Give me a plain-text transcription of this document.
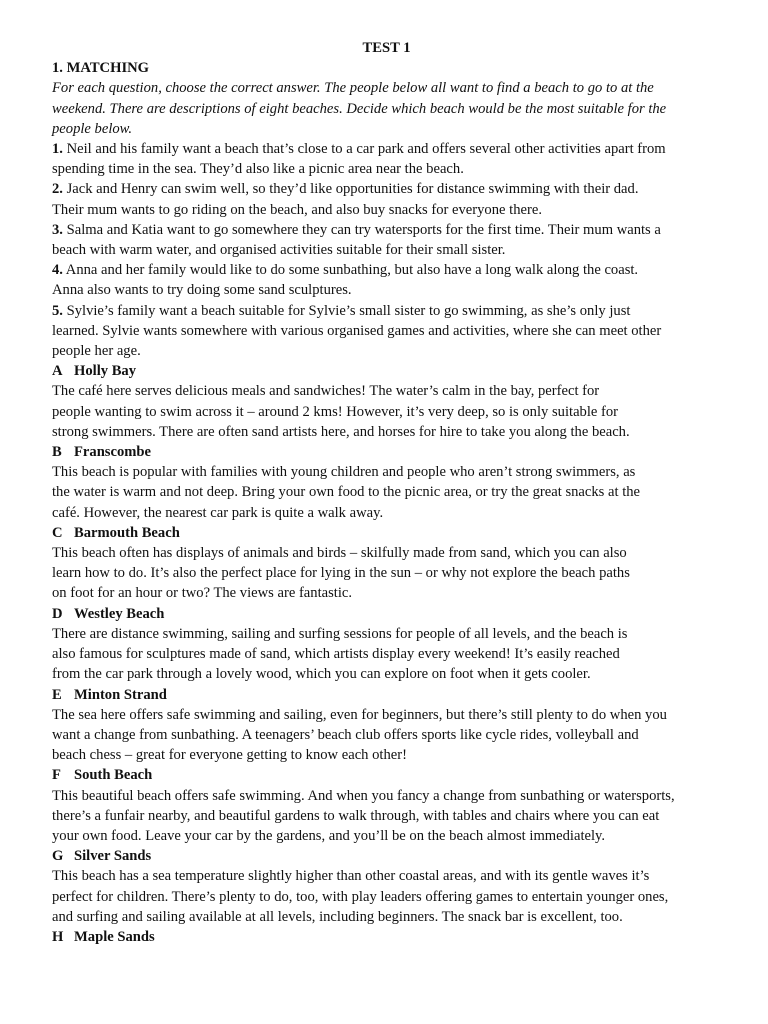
TEST 1
1. MATCHING
For each question, choose the correct answer. The people below all want to find a beach to go to at the
weekend. There are descriptions of eight beaches. Decide which beach would be the most suitable for the
people below.
1. Neil and his family want a beach that’s close to a car park and offers several other activities apart from
spending time in the sea. They’d also like a picnic area near the beach.
2. Jack and Henry can swim well, so they’d like opportunities for distance swimming with their dad.
Their mum wants to go riding on the beach, and also buy snacks for everyone there.
3. Salma and Katia want to go somewhere they can try watersports for the first time. Their mum wants a
beach with warm water, and organised activities suitable for their small sister.
4. Anna and her family would like to do some sunbathing, but also have a long walk along the coast.
Anna also wants to try doing some sand sculptures.
5. Sylvie’s family want a beach suitable for Sylvie’s small sister to go swimming, as she’s only just
learned. Sylvie wants somewhere with various organised games and activities, where she can meet other
people her age.
A Holly Bay
The café here serves delicious meals and sandwiches! The water’s calm in the bay, perfect for
people wanting to swim across it – around 2 kms! However, it’s very deep, so is only suitable for
strong swimmers. There are often sand artists here, and horses for hire to take you along the beach.
B Franscombe
This beach is popular with families with young children and people who aren’t strong swimmers, as
the water is warm and not deep. Bring your own food to the picnic area, or try the great snacks at the
café. However, the nearest car park is quite a walk away.
C Barmouth Beach
This beach often has displays of animals and birds – skilfully made from sand, which you can also
learn how to do. It’s also the perfect place for lying in the sun – or why not explore the beach paths
on foot for an hour or two? The views are fantastic.
D Westley Beach
There are distance swimming, sailing and surfing sessions for people of all levels, and the beach is
also famous for sculptures made of sand, which artists display every weekend! It’s easily reached
from the car park through a lovely wood, which you can explore on foot when it gets cooler.
E Minton Strand
The sea here offers safe swimming and sailing, even for beginners, but there’s still plenty to do when you
want a change from sunbathing. A teenagers’ beach club offers sports like cycle rides, volleyball and
beach chess – great for everyone getting to know each other!
F South Beach
This beautiful beach offers safe swimming. And when you fancy a change from sunbathing or watersports,
there’s a funfair nearby, and beautiful gardens to walk through, with tables and chairs where you can eat
your own food. Leave your car by the gardens, and you’ll be on the beach almost immediately.
G Silver Sands
This beach has a sea temperature slightly higher than other coastal areas, and with its gentle waves it’s
perfect for children. There’s plenty to do, too, with play leaders offering games to entertain younger ones,
and surfing and sailing available at all levels, including beginners. The snack bar is excellent, too.
H Maple Sands
